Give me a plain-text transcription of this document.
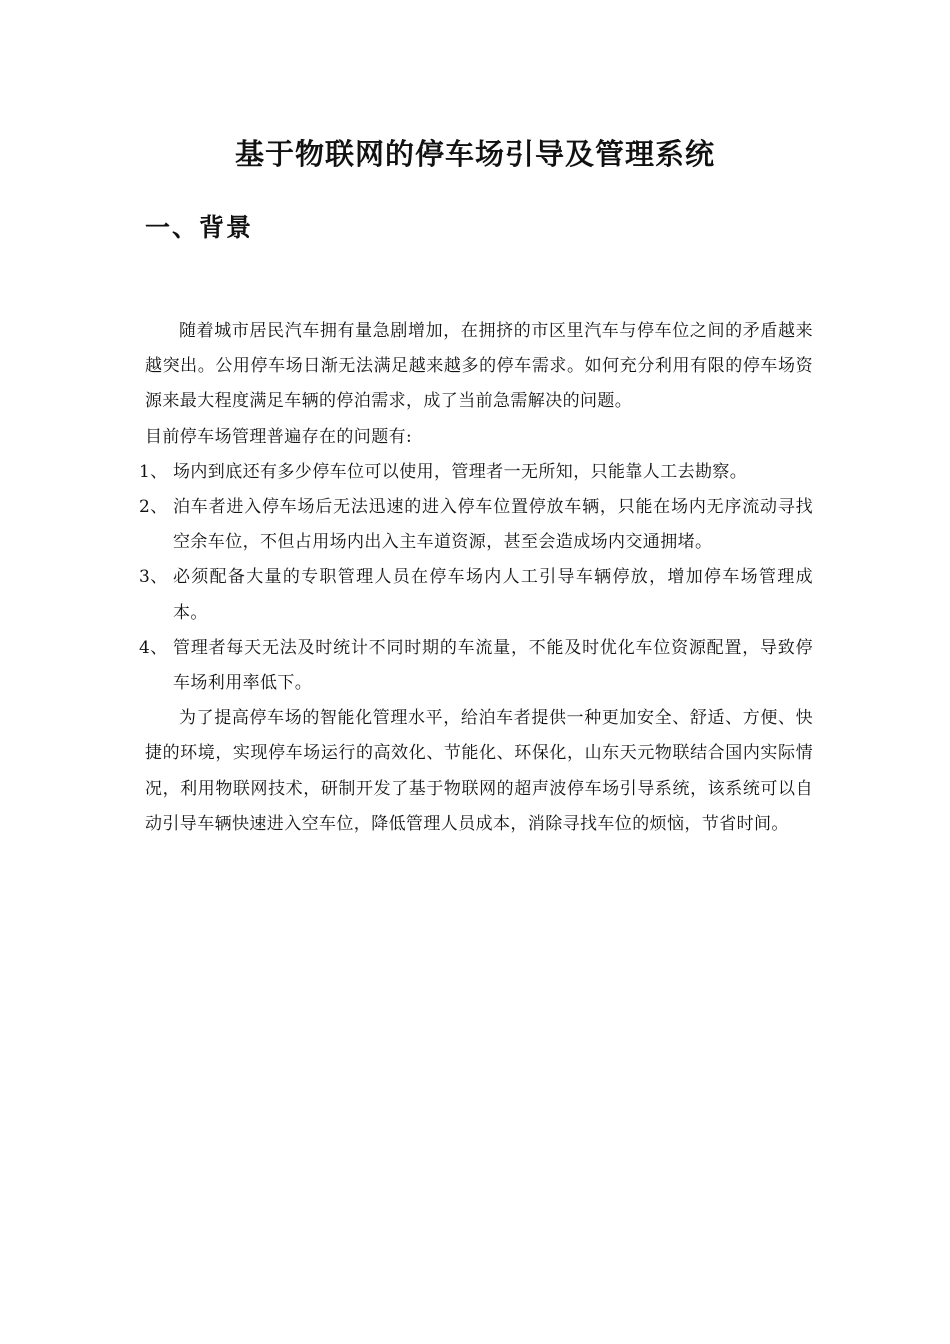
基于物联网的停车场引导及管理系统
一、背景

随着城市居民汽车拥有量急剧增加，在拥挤的市区里汽车与停车位之间的矛盾越来越突出。公用停车场日渐无法满足越来越多的停车需求。如何充分利用有限的停车场资源来最大程度满足车辆的停泊需求，成了当前急需解决的问题。

目前停车场管理普遍存在的问题有:

1、 场内到底还有多少停车位可以使用，管理者一无所知，只能靠人工去勘察。
2、 泊车者进入停车场后无法迅速的进入停车位置停放车辆，只能在场内无序流动寻找空余车位，不但占用场内出入主车道资源，甚至会造成场内交通拥堵。
3、 必须配备大量的专职管理人员在停车场内人工引导车辆停放，增加停车场管理成本。
4、 管理者每天无法及时统计不同时期的车流量，不能及时优化车位资源配置，导致停车场利用率低下。

为了提高停车场的智能化管理水平，给泊车者提供一种更加安全、舒适、方便、快捷的环境，实现停车场运行的高效化、节能化、环保化，山东天元物联结合国内实际情况，利用物联网技术，研制开发了基于物联网的超声波停车场引导系统，该系统可以自动引导车辆快速进入空车位，降低管理人员成本，消除寻找车位的烦恼，节省时间。
